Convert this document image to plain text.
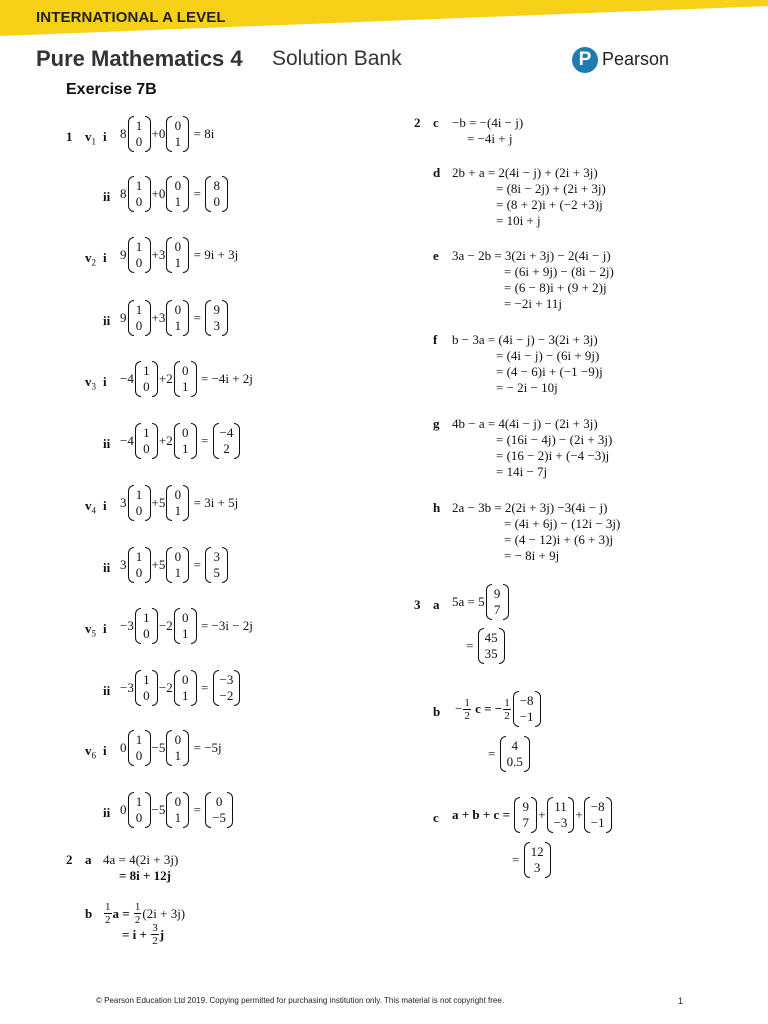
INTERNATIONAL A LEVEL
Pure Mathematics 4 Solution Bank	P Pearson
Exercise 7B
1 $v_1$ i 8
1
0
+ 0
0
1
= 8i
ii 8
1
0
+ 0
0
1
=
8
0
$v_2$ i 9
1
0
+ 3
0
1
= 9i + 3j
ii 9
1
0
+ 3
0
1
=
9
3
$v_3$ i −4
1
0
+ 2
0
1
= −4i + 2j
ii −4
1
0
+ 2
0
1
=
−4
2
$v_4$ i 3
1
0
+ 5
0
1
= 3i + 5j
ii 3
1
0
+ 5
0
1
=
3
5
$v_5$ i −3
1
0
− 2
0
1
= −3i − 2j
ii −3
1
0
− 2
0
1
=
−3
−2
$v_6$ i 0
1
0
− 5
0
1
= −5j
ii 0
1
0
− 5
0
1
=
0
−5
2 a 4a = 4(2i + 3j)
= 8i + 12j
b $\frac{1}{2}$ a =
$\frac{1}{2} (2i + 3j)$
= i +
$\frac{3}{2}$ j
2 c −b = −(4i − j)
= −4i + j
d 2b + a = 2(4i − j) + (2i + 3j)
= (8i − 2j) + (2i + 3j)
= (8 + 2)i + (−2 +3)j
= 10i + j
e 3a − 2b = 3(2i + 3j) − 2(4i − j)
= (6i + 9j) − (8i − 2j)
= (6 − 8)i + (9 + 2)j
= −2i + 11j
f b − 3a = (4i − j) − 3(2i + 3j)
= (4i − j) − (6i + 9j)
= (4 − 6)i + (−1 −9)j
= − 2i − 10j
g 4b − a = 4(4i − j) − (2i + 3j)
= (16i − 4j) − (2i + 3j)
= (16 − 2)i + (−4 −3)j
= 14i − 7j
h 2a − 3b = 2(2i + 3j) −3(4i − j)
= (4i + 6j) − (12i − 3j)
= (4 − 12)i + (6 + 3)j
= − 8i + 9j
3 a 5a = 5
9
7
=

45
35
$b - \frac{1}{2}$
c = − $\frac{1}{2} -8$
−1
=

4
0.5
c a + b + c =

9
7
+
11
−3
+
−8
−1
=

12
3
© Pearson Education Ltd 2019. Copying permitted for purchasing institution only. This material is not copyright free.	1
